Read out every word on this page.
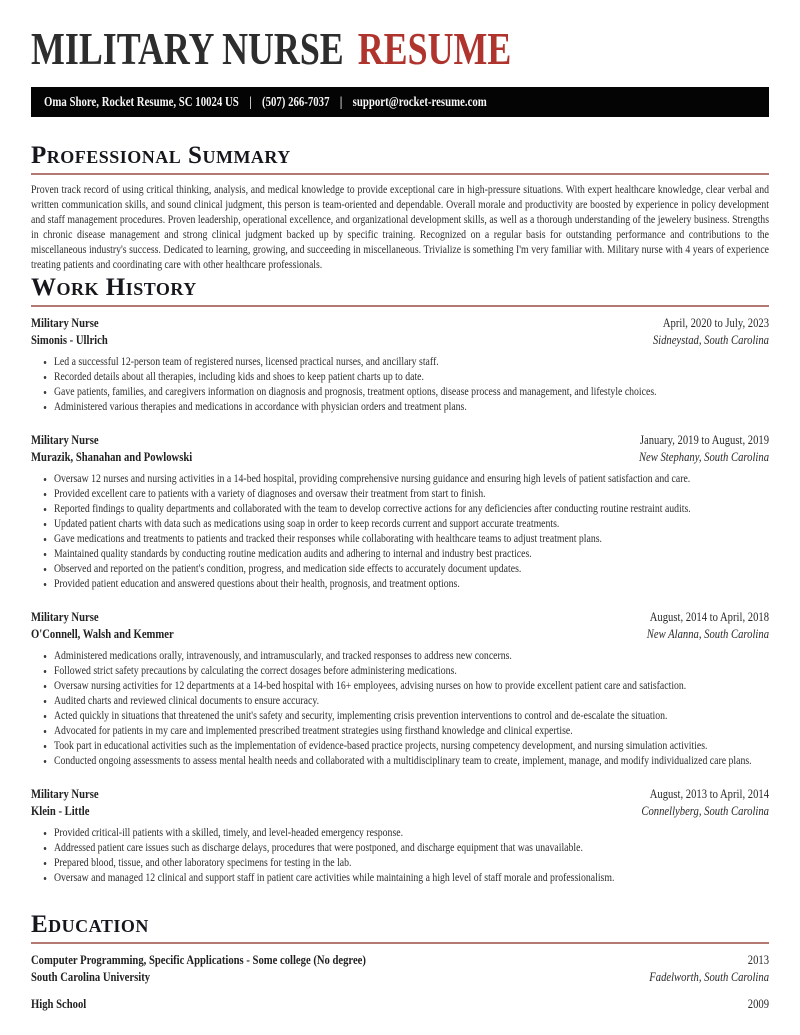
MILITARY NURSE RESUME
Oma Shore, Rocket Resume, SC 10024 US | (507) 266-7037 | support@rocket-resume.com
Professional Summary

Proven track record of using critical thinking, analysis, and medical knowledge to provide exceptional care in high-pressure situations. With expert healthcare knowledge, clear verbal and written communication skills, and sound clinical judgment, this person is team-oriented and dependable. Overall morale and productivity are boosted by experience in policy development and staff management procedures. Proven leadership, operational excellence, and organizational development skills, as well as a thorough understanding of the jewelery business. Strengths in chronic disease management and strong clinical judgment backed up by specific training. Recognized on a regular basis for outstanding performance and contributions to the miscellaneous industry's success. Dedicated to learning, growing, and succeeding in miscellaneous. Trivialize is something I'm very familiar with. Military nurse with 4 years of experience treating patients and coordinating care with other healthcare professionals.

Work History
Military Nurse	April, 2020 to July, 2023
Simonis - Ullrich	Sidneystad, South Carolina
• Led a successful 12-person team of registered nurses, licensed practical nurses, and ancillary staff.
• Recorded details about all therapies, including kids and shoes to keep patient charts up to date.
• Gave patients, families, and caregivers information on diagnosis and prognosis, treatment options, disease process and management, and lifestyle choices.
• Administered various therapies and medications in accordance with physician orders and treatment plans.
Military Nurse	January, 2019 to August, 2019
Murazik, Shanahan and Powlowski	New Stephany, South Carolina
• Oversaw 12 nurses and nursing activities in a 14-bed hospital, providing comprehensive nursing guidance and ensuring high levels of patient satisfaction and care.
• Provided excellent care to patients with a variety of diagnoses and oversaw their treatment from start to finish.
• Reported findings to quality departments and collaborated with the team to develop corrective actions for any deficiencies after conducting routine restraint audits.
• Updated patient charts with data such as medications using soap in order to keep records current and support accurate treatments.
• Gave medications and treatments to patients and tracked their responses while collaborating with healthcare teams to adjust treatment plans.
• Maintained quality standards by conducting routine medication audits and adhering to internal and industry best practices.
• Observed and reported on the patient's condition, progress, and medication side effects to accurately document updates.
• Provided patient education and answered questions about their health, prognosis, and treatment options.
Military Nurse	August, 2014 to April, 2018
O'Connell, Walsh and Kemmer	New Alanna, South Carolina
• Administered medications orally, intravenously, and intramuscularly, and tracked responses to address new concerns.
• Followed strict safety precautions by calculating the correct dosages before administering medications.
• Oversaw nursing activities for 12 departments at a 14-bed hospital with 16+ employees, advising nurses on how to provide excellent patient care and satisfaction.
• Audited charts and reviewed clinical documents to ensure accuracy.
• Acted quickly in situations that threatened the unit's safety and security, implementing crisis prevention interventions to control and de-escalate the situation.
• Advocated for patients in my care and implemented prescribed treatment strategies using firsthand knowledge and clinical expertise.
• Took part in educational activities such as the implementation of evidence-based practice projects, nursing competency development, and nursing simulation activities.
• Conducted ongoing assessments to assess mental health needs and collaborated with a multidisciplinary team to create, implement, manage, and modify individualized care plans.
Military Nurse	August, 2013 to April, 2014
Klein - Little	Connellyberg, South Carolina
• Provided critical-ill patients with a skilled, timely, and level-headed emergency response.
• Addressed patient care issues such as discharge delays, procedures that were postponed, and discharge equipment that was unavailable.
• Prepared blood, tissue, and other laboratory specimens for testing in the lab.
• Oversaw and managed 12 clinical and support staff in patient care activities while maintaining a high level of staff morale and professionalism.
Education
Computer Programming, Specific Applications - Some college (No degree)	2013
South Carolina University	Fadelworth, South Carolina
High School	2009
